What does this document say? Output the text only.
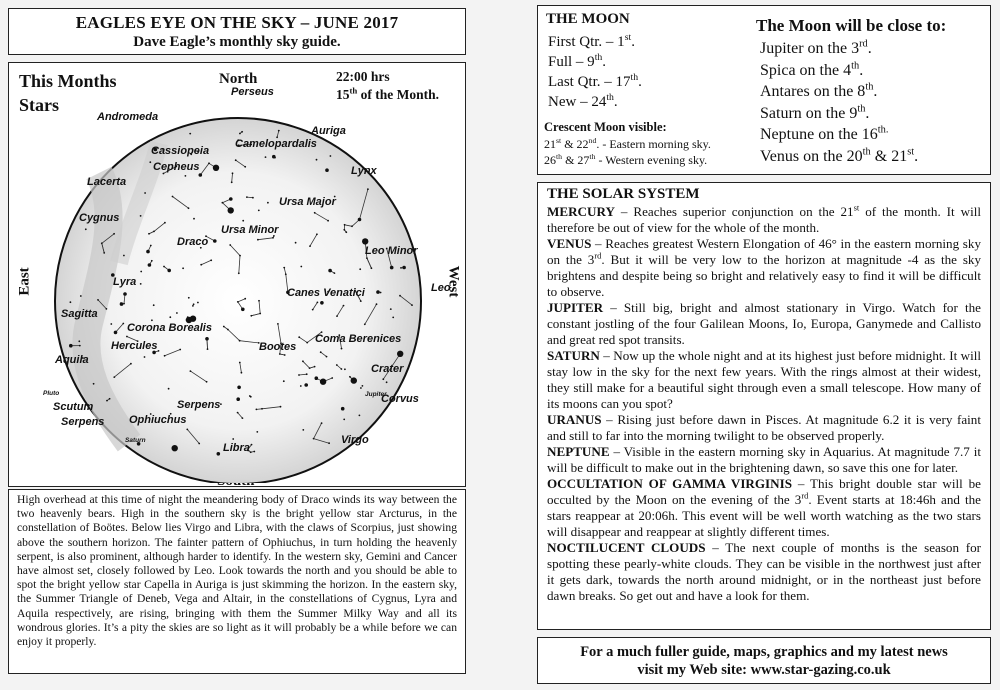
EAGLES EYE ON THE SKY – JUNE 2017
Dave Eagle’s monthly sky guide.
This Months
Stars
22:00 hrs
15th of the Month.
North
East	West
Perseus
Andromeda
Auriga
Cassiopeia
Camelopardalis
Cepheus	Lynx
Lacerta
Cygnus
Ursa Major
Ursa Minor
Draco
Leo Minor
Leo
Lyra
Canes Venatici
Sagitta
Corona Borealis
Hercules
Coma Berenices
Bootes
Aquila
Crater
Scutum	Serpens	Corvus
Ophiuchus
Virgo
Libra
Serpens
Pluto	Jupiter
Saturn
High overhead at this time of night the meandering body of Draco winds its way between the two heavenly bears. High in the southern sky is the bright yellow star Arcturus, in the constellation of Boötes. Below lies Virgo and Libra, with the claws of Scorpius, just showing above the southern horizon. The fainter pattern of Ophiuchus, in turn holding the heavenly serpent, is also prominent, although harder to identify. In the western sky, Gemini and Cancer have almost set, closely followed by Leo. Look towards the north and you should be able to spot the bright yellow star Capella in Auriga is just skimming the horizon. In the eastern sky, the Summer Triangle of Deneb, Vega and Altair, in the constellations of Cygnus, Lyra and Aquila respectively, are rising, bringing with them the Summer Milky Way and all its wondrous glories. It’s a pity the skies are so light as it will probably be a while before we can enjoy it properly.
THE MOON
First Qtr. – 1st.
Full – 9th.
Last Qtr. – 17th.
New – 24th.
Crescent Moon visible:
21st & 22nd. - Eastern morning sky.
26th & 27th - Western evening sky.
The Moon will be close to:
Jupiter on the 3rd.
Spica on the 4th.
Antares on the 8th.
Saturn on the 9th.
Neptune on the $16^{th.}$
Venus on the 20th & 21st.
THE SOLAR SYSTEM

MERCURY – Reaches superior conjunction on the 21st of the month. It will therefore be out of view for the whole of the month.

VENUS – Reaches greatest Western Elongation of 46° in the eastern morning sky on the 3rd. But it will be very low to the horizon at magnitude -4 as the sky brightens and despite being so bright and relatively easy to find it will be difficult to observe.

JUPITER – Still big, bright and almost stationary in Virgo. Watch for the constant jostling of the four Galilean Moons, Io, Europa, Ganymede and Callisto and great red spot transits.

SATURN – Now up the whole night and at its highest just before midnight. It will stay low in the sky for the next few years. With the rings almost at their widest, they still make for a beautiful sight through even a small telescope. How many of its moons can you spot?

URANUS – Rising just before dawn in Pisces. At magnitude 6.2 it is very faint and still to far into the morning twilight to be observed properly.

NEPTUNE – Visible in the eastern morning sky in Aquarius. At magnitude 7.7 it will be difficult to make out in the brightening dawn, so save this one for later.

OCCULTATION OF GAMMA VIRGINIS – This bright double star will be occulted by the Moon on the evening of the 3rd. Event starts at 18:46h and the stars reappear at 20:06h. This event will be well worth watching as the two stars will disappear and reappear at slightly different times.

NOCTILUCENT CLOUDS – The next couple of months is the season for spotting these pearly-white clouds. They can be visible in the northwest just after it gets dark, towards the north around midnight, or in the northeast just before dawn breaks. So get out and have a look for them.

For a much fuller guide, maps, graphics and my latest news
visit my Web site: www.star-gazing.co.uk
